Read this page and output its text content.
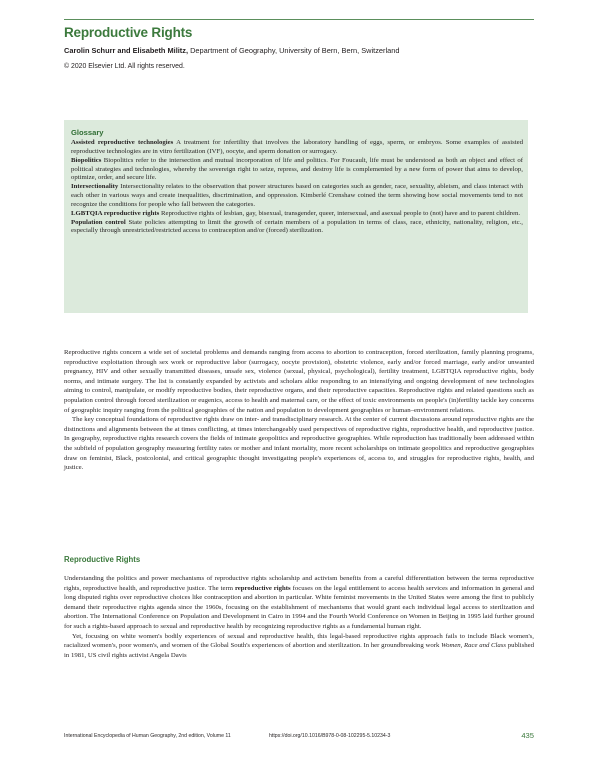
Reproductive Rights
Carolin Schurr and Elisabeth Militz, Department of Geography, University of Bern, Bern, Switzerland
© 2020 Elsevier Ltd. All rights reserved.
Glossary

Assisted reproductive technologies A treatment for infertility that involves the laboratory handling of eggs, sperm, or embryos. Some examples of assisted reproductive technologies are in vitro fertilization (IVF), oocyte, and sperm donation or surrogacy.

Biopolitics Biopolitics refer to the intersection and mutual incorporation of life and politics. For Foucault, life must be understood as both an object and effect of political strategies and technologies, whereby the sovereign right to seize, repress, and destroy life is complemented by a new form of power that aims to develop, optimize, order, and secure life.

Intersectionality Intersectionality relates to the observation that power structures based on categories such as gender, race, sexuality, ableism, and class interact with each other in various ways and create inequalities, discrimination, and oppression. Kimberlé Crenshaw coined the term showing how social movements tend to not recognize the conditions for people who fall between the categories.

LGBTQIA reproductive rights Reproductive rights of lesbian, gay, bisexual, transgender, queer, intersexual, and asexual people to (not) have and to parent children.

Population control State policies attempting to limit the growth of certain members of a population in terms of class, race, ethnicity, nationality, religion, etc., especially through unrestricted/restricted access to contraception and/or (forced) sterilization.

Reproductive rights concern a wide set of societal problems and demands ranging from access to abortion to contraception, forced sterilization, family planning programs, reproductive exploitation through sex work or reproductive labor (surrogacy, oocyte provision), obstetric violence, early and/or forced marriage, early and/or unwanted pregnancy, HIV and other sexually transmitted diseases, unsafe sex, violence (sexual, physical, psychological), fertility treatment, LGBTQIA reproductive rights, body norms, and intimate surgery. The list is constantly expanded by activists and scholars alike responding to an intensifying and ongoing development of new technologies aiming to control, manipulate, or modify reproductive bodies, their reproductive organs, and their reproductive capacities. Reproductive rights and related questions such as population control through forced sterilization or eugenics, access to health and maternal care, or the effect of toxic environments on people's (in)fertility tackle key concerns of geographic inquiry ranging from the political geographies of the nation and population to development geographies or human–environment relations.

The key conceptual foundations of reproductive rights draw on inter- and transdisciplinary research. At the center of current discussions around reproductive rights are the distinctions and alignments between the at times conflicting, at times interchangeably used perspectives of reproductive rights, reproductive health, and reproductive justice. In geography, reproductive rights research covers the fields of intimate geopolitics and reproductive geographies. While reproduction has traditionally been addressed within the subfield of population geography measuring fertility rates or mother and infant mortality, more recent scholarships on intimate geopolitics and reproductive geographies draw on feminist, Black, postcolonial, and critical geographic thought investigating people's experiences of, access to, and struggles for reproductive rights, health, and justice.

Reproductive Rights

Understanding the politics and power mechanisms of reproductive rights scholarship and activism benefits from a careful differentiation between the terms reproductive rights, reproductive health, and reproductive justice. The term reproductive rights focuses on the legal entitlement to access health services and information in general and long disputed rights over reproductive choices like contraception and abortion in particular. White feminist movements in the United States were among the first to publicly demand their reproductive rights agenda since the 1960s, focusing on the establishment of mechanisms that would grant each individual legal access to sterilization and abortion. The International Conference on Population and Development in Cairo in 1994 and the Fourth World Conference on Women in Beijing in 1995 laid further ground for such a rights-based approach to sexual and reproductive health by recognizing reproductive rights as a fundamental human right.

Yet, focusing on white women's bodily experiences of sexual and reproductive health, this legal-based reproductive rights approach fails to include Black women's, racialized women's, poor women's, and women of the Global South's experiences of abortion and sterilization. In her groundbreaking work Women, Race and Class published in 1981, US civil rights activist Angela Davis

International Encyclopedia of Human Geography, 2nd edition, Volume 11	https://doi.org/10.1016/B978-0-08-102295-5.10234-3	435
